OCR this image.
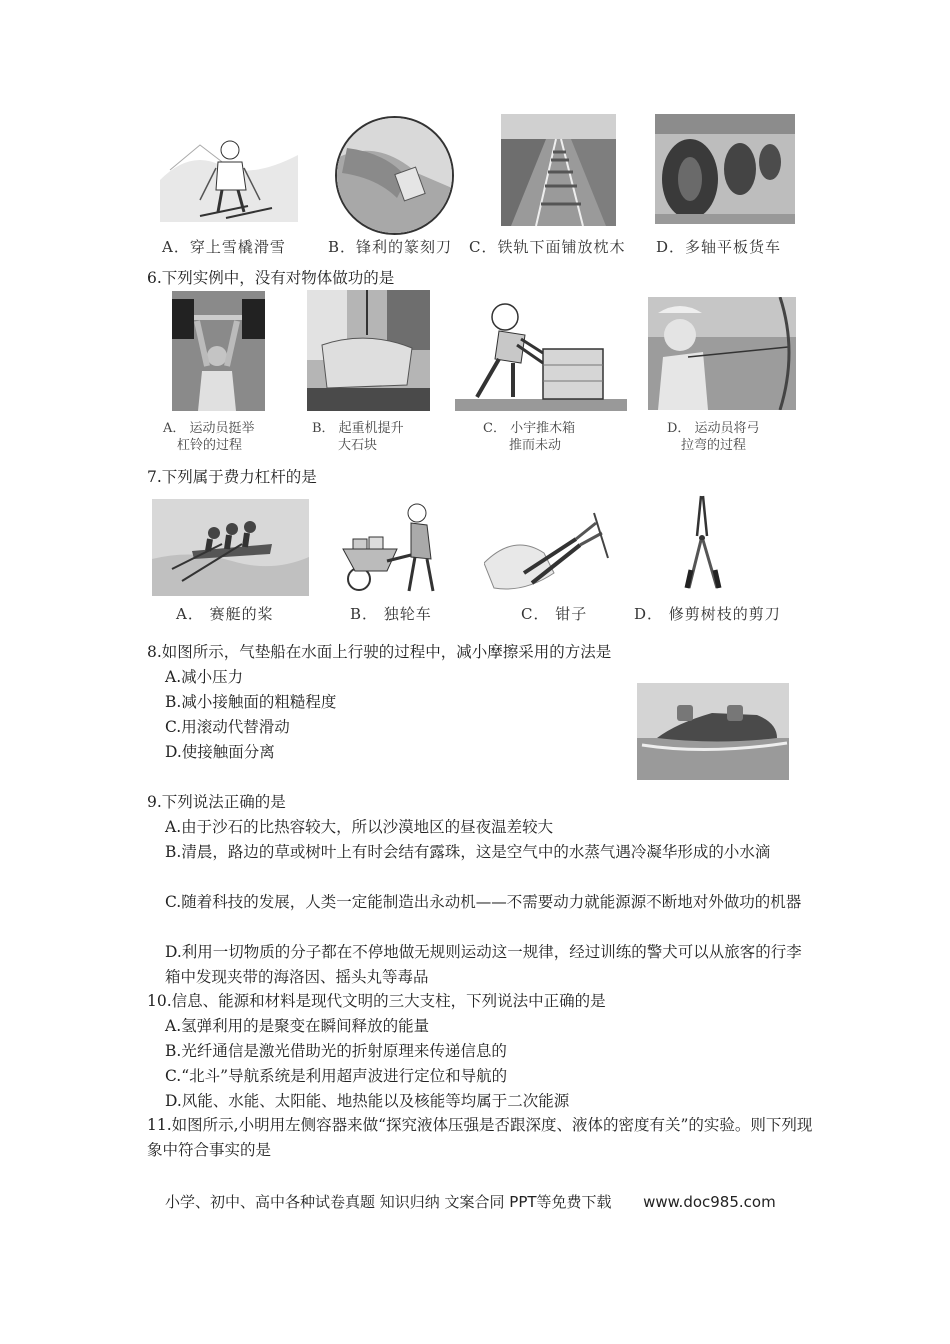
A．穿上雪橇滑雪	B．锋利的篆刻刀 C．铁轨下面铺放枕木 D．多轴平板货车
6.下列实例中，没有对物体做功的是
A． 运动员挺举
杠铃的过程
B． 起重机提升
大石块
C． 小宇推木箱
推而未动
D． 运动员将弓
拉弯的过程
7.下列属于费力杠杆的是
A． 赛艇的桨	B． 独轮车	C． 钳子	D． 修剪树枝的剪刀
8.如图所示，气垫船在水面上行驶的过程中，减小摩擦采用的方法是
A.减小压力
B.减小接触面的粗糙程度
C.用滚动代替滑动
D.使接触面分离
9.下列说法正确的是
A.由于沙石的比热容较大，所以沙漠地区的昼夜温差较大
B.清晨，路边的草或树叶上有时会结有露珠，这是空气中的水蒸气遇冷凝华形成的小水滴
C.随着科技的发展，人类一定能制造出永动机——不需要动力就能源源不断地对外做功的机器
D.利用一切物质的分子都在不停地做无规则运动这一规律，经过训练的警犬可以从旅客的行李箱中发现夹带的海洛因、摇头丸等毒品
10.信息、能源和材料是现代文明的三大支柱，下列说法中正确的是
A.氢弹利用的是聚变在瞬间释放的能量
B.光纤通信是激光借助光的折射原理来传递信息的
C.“北斗”导航系统是利用超声波进行定位和导航的
D.风能、水能、太阳能、地热能以及核能等均属于二次能源
11.如图所示,小明用左侧容器来做“探究液体压强是否跟深度、液体的密度有关”的实验。则下列现象中符合事实的是
小学、初中、高中各种试卷真题 知识归纳 文案合同 PPT等免费下载 www.doc985.com
